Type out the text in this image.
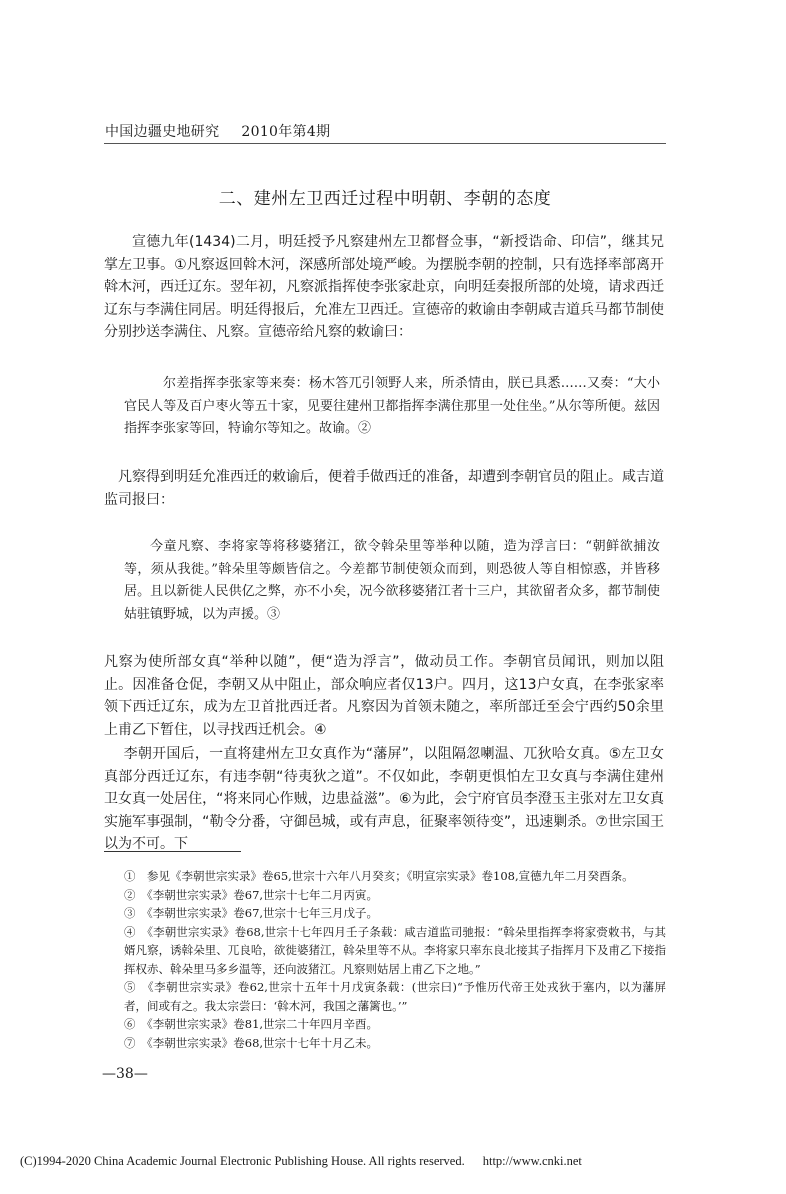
中国边疆史地研究 2010年第4期
二、建州左卫西迁过程中明朝、李朝的态度

宣德九年(1434)二月，明廷授予凡察建州左卫都督佥事，“新授诰命、印信”，继其兄掌左卫事。①凡察返回斡木河，深感所部处境严峻。为摆脱李朝的控制，只有选择率部离开斡木河，西迁辽东。翌年初，凡察派指挥使李张家赴京，向明廷奏报所部的处境，请求西迁辽东与李满住同居。明廷得报后，允准左卫西迁。宣德帝的敕谕由李朝咸吉道兵马都节制使分别抄送李满住、凡察。宣德帝给凡察的敕谕曰：

尔差指挥李张家等来奏：杨木答兀引领野人来，所杀情由，朕已具悉……又奏：“大小官民人等及百户枣火等五十家，见要往建州卫都指挥李满住那里一处住坐。”从尔等所便。兹因指挥李张家等回，特谕尔等知之。故谕。②

凡察得到明廷允准西迁的敕谕后，便着手做西迁的准备，却遭到李朝官员的阻止。咸吉道监司报曰：

今童凡察、李将家等将移婆猪江，欲令斡朵里等举种以随，造为浮言曰：“朝鲜欲捕汝等，须从我徙。”斡朵里等颇皆信之。今差都节制使领众而到，则恐彼人等自相惊惑，并皆移居。且以新徙人民供亿之弊，亦不小矣，况今欲移婆猪江者十三户，其欲留者众多，都节制使姑驻镇野城，以为声援。③

凡察为使所部女真“举种以随”，便“造为浮言”，做动员工作。李朝官员闻讯，则加以阻止。因准备仓促，李朝又从中阻止，部众响应者仅13户。四月，这13户女真，在李张家率领下西迁辽东，成为左卫首批西迁者。凡察因为首领未随之，率所部迁至会宁西约50余里上甫乙下暂住，以寻找西迁机会。④

李朝开国后，一直将建州左卫女真作为“藩屏”，以阻隔忽喇温、兀狄哈女真。⑤左卫女真部分西迁辽东，有违李朝“待夷狄之道”。不仅如此，李朝更惧怕左卫女真与李满住建州卫女真一处居住，“将来同心作贼，边患益滋”。⑥为此，会宁府官员李澄玉主张对左卫女真实施军事强制，“勒令分番，守御邑城，或有声息，征聚率领待变”，迅速剿杀。⑦世宗国王以为不可。下

①　参见《李朝世宗实录》卷65,世宗十六年八月癸亥；《明宣宗实录》卷108,宣德九年二月癸酉条。
②　《李朝世宗实录》卷67,世宗十七年二月丙寅。
③　《李朝世宗实录》卷67,世宗十七年三月戊子。
④　《李朝世宗实录》卷68,世宗十七年四月壬子条载：咸吉道监司驰报：“斡朵里指挥李将家赍敕书，与其婿凡察，诱斡朵里、兀良哈，欲徙婆猪江，斡朵里等不从。李将家只率东良北接其子指挥月下及甫乙下接指挥权赤、斡朵里马多乡温等，还向波猪江。凡察则姑居上甫乙下之地。”
⑤　《李朝世宗实录》卷62,世宗十五年十月戊寅条载：(世宗曰)“予惟历代帝王处戎狄于塞内，以为藩屏者，间或有之。我太宗尝曰：‘斡木河，我国之藩篱也。’”
⑥　《李朝世宗实录》卷81,世宗二十年四月辛酉。
⑦　《李朝世宗实录》卷68,世宗十七年十月乙未。
—38—
(C)1994-2020 China Academic Journal Electronic Publishing House. All rights reserved. http://www.cnki.net
